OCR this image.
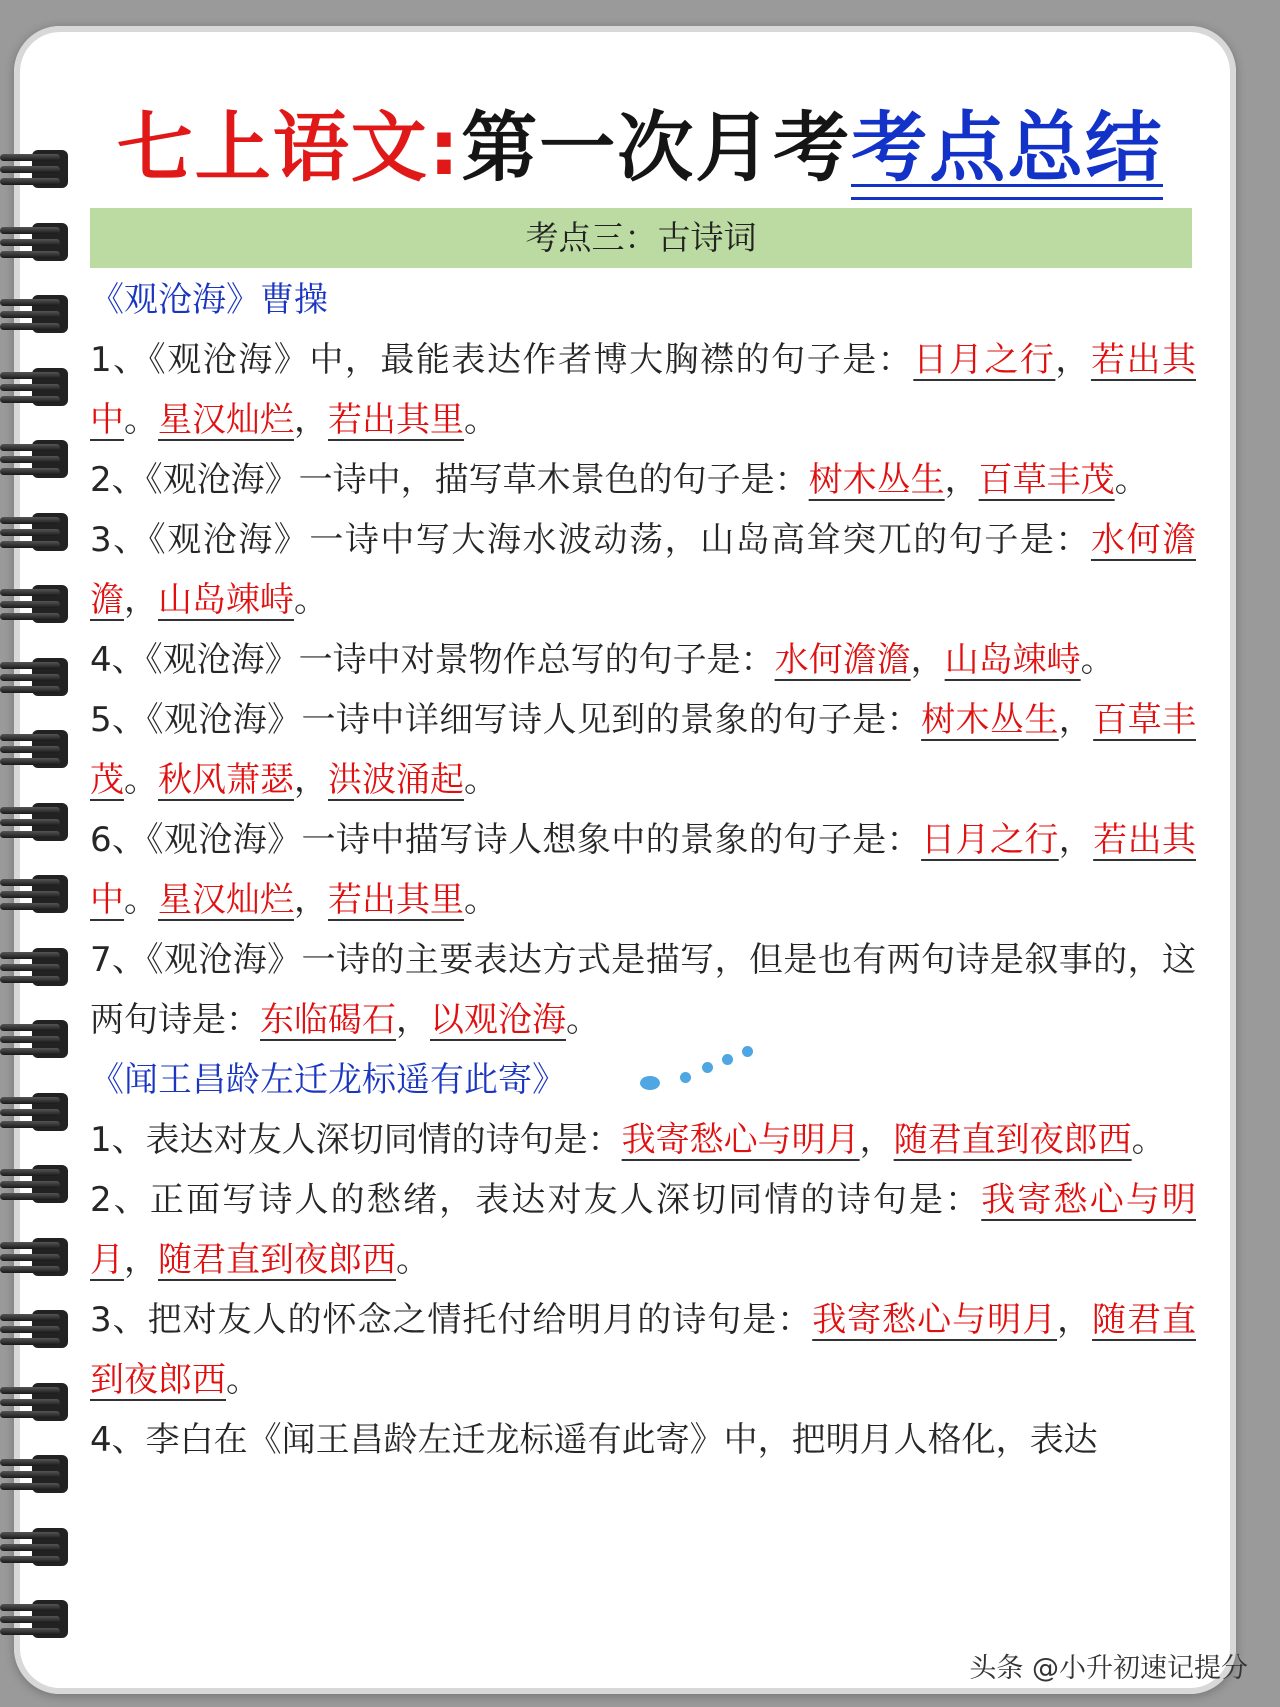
七上语文:第一次月考考点总结
考点三：古诗词

《观沧海》曹操

1、《观沧海》中，最能表达作者博大胸襟的句子是：日月之行，若出其中。星汉灿烂，若出其里。

2、《观沧海》一诗中，描写草木景色的句子是：树木丛生，百草丰茂。

3、《观沧海》一诗中写大海水波动荡，山岛高耸突兀的句子是：水何澹澹，山岛竦峙。

4、《观沧海》一诗中对景物作总写的句子是：水何澹澹，山岛竦峙。

5、《观沧海》一诗中详细写诗人见到的景象的句子是：树木丛生，百草丰茂。秋风萧瑟，洪波涌起。

6、《观沧海》一诗中描写诗人想象中的景象的句子是：日月之行，若出其中。星汉灿烂，若出其里。

7、《观沧海》一诗的主要表达方式是描写，但是也有两句诗是叙事的，这两句诗是：东临碣石，以观沧海。

《闻王昌龄左迁龙标遥有此寄》

1、表达对友人深切同情的诗句是：我寄愁心与明月，随君直到夜郎西。

2、正面写诗人的愁绪，表达对友人深切同情的诗句是：我寄愁心与明月，随君直到夜郎西。

3、把对友人的怀念之情托付给明月的诗句是：我寄愁心与明月，随君直到夜郎西。

4、李白在《闻王昌龄左迁龙标遥有此寄》中，把明月人格化，表达

头条 @小升初速记提分
